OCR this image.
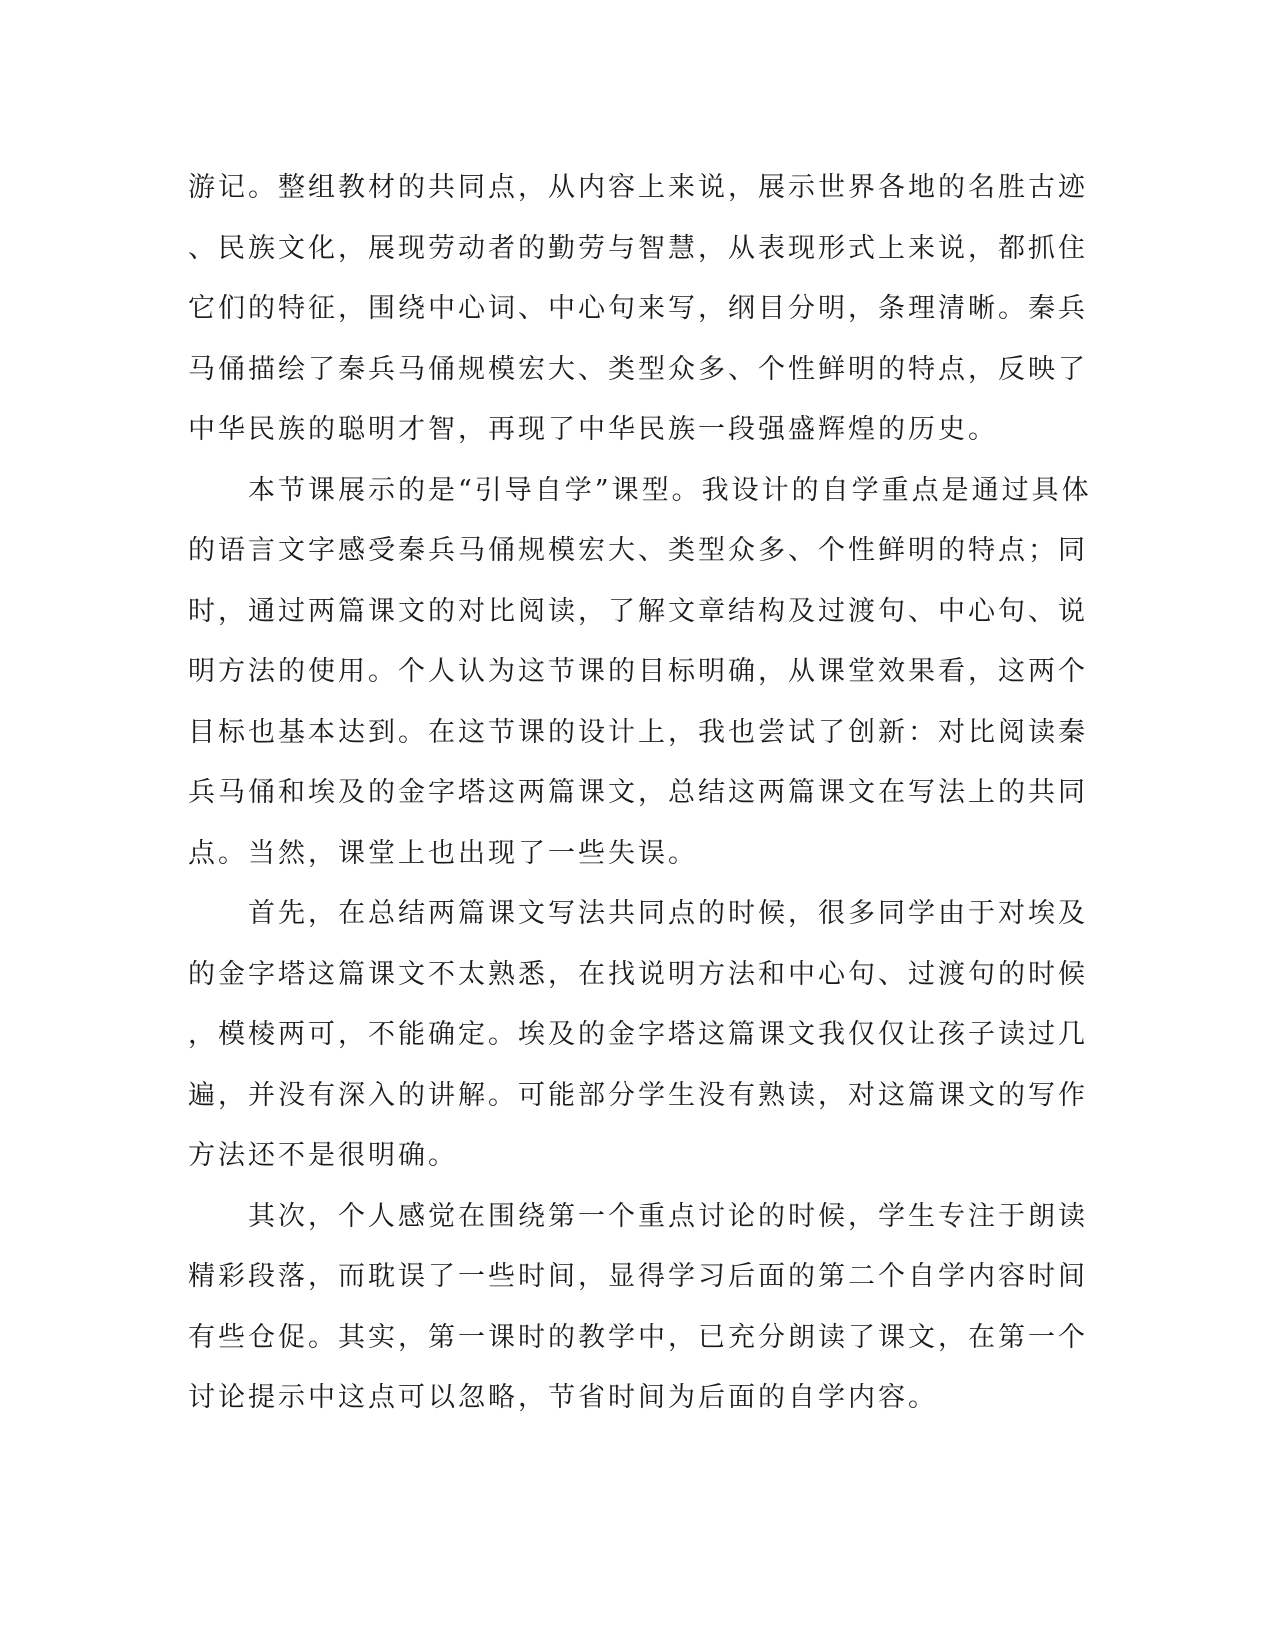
游记。整组教材的共同点，从内容上来说，展示世界各地的名胜古迹
、民族文化，展现劳动者的勤劳与智慧，从表现形式上来说，都抓住
它们的特征，围绕中心词、中心句来写，纲目分明，条理清晰。秦兵
马俑描绘了秦兵马俑规模宏大、类型众多、个性鲜明的特点，反映了
中华民族的聪明才智，再现了中华民族一段强盛辉煌的历史。
　　本节课展示的是“引导自学”课型。我设计的自学重点是通过具体
的语言文字感受秦兵马俑规模宏大、类型众多、个性鲜明的特点；同
时，通过两篇课文的对比阅读，了解文章结构及过渡句、中心句、说
明方法的使用。个人认为这节课的目标明确，从课堂效果看，这两个
目标也基本达到。在这节课的设计上，我也尝试了创新：对比阅读秦
兵马俑和埃及的金字塔这两篇课文，总结这两篇课文在写法上的共同
点。当然，课堂上也出现了一些失误。
　　首先，在总结两篇课文写法共同点的时候，很多同学由于对埃及
的金字塔这篇课文不太熟悉，在找说明方法和中心句、过渡句的时候
，模棱两可，不能确定。埃及的金字塔这篇课文我仅仅让孩子读过几
遍，并没有深入的讲解。可能部分学生没有熟读，对这篇课文的写作
方法还不是很明确。
　　其次，个人感觉在围绕第一个重点讨论的时候，学生专注于朗读
精彩段落，而耽误了一些时间，显得学习后面的第二个自学内容时间
有些仓促。其实，第一课时的教学中，已充分朗读了课文，在第一个
讨论提示中这点可以忽略，节省时间为后面的自学内容。
